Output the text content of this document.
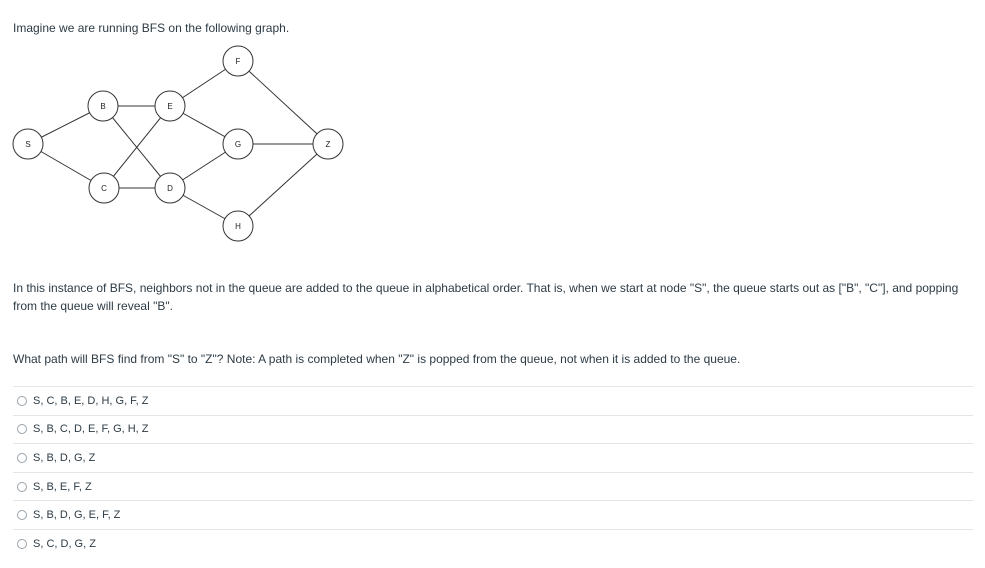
Imagine we are running BFS on the following graph.
S
B
C
E
D
F
G
H
Z
In this instance of BFS, neighbors not in the queue are added to the queue in alphabetical order. That is, when we start at node "S", the queue starts out as ["B", "C"], and popping from the queue will reveal "B".
What path will BFS find from "S" to "Z"? Note: A path is completed when "Z" is popped from the queue, not when it is added to the queue.
S, C, B, E, D, H, G, F, Z
S, B, C, D, E, F, G, H, Z
S, B, D, G, Z
S, B, E, F, Z
S, B, D, G, E, F, Z
S, C, D, G, Z
